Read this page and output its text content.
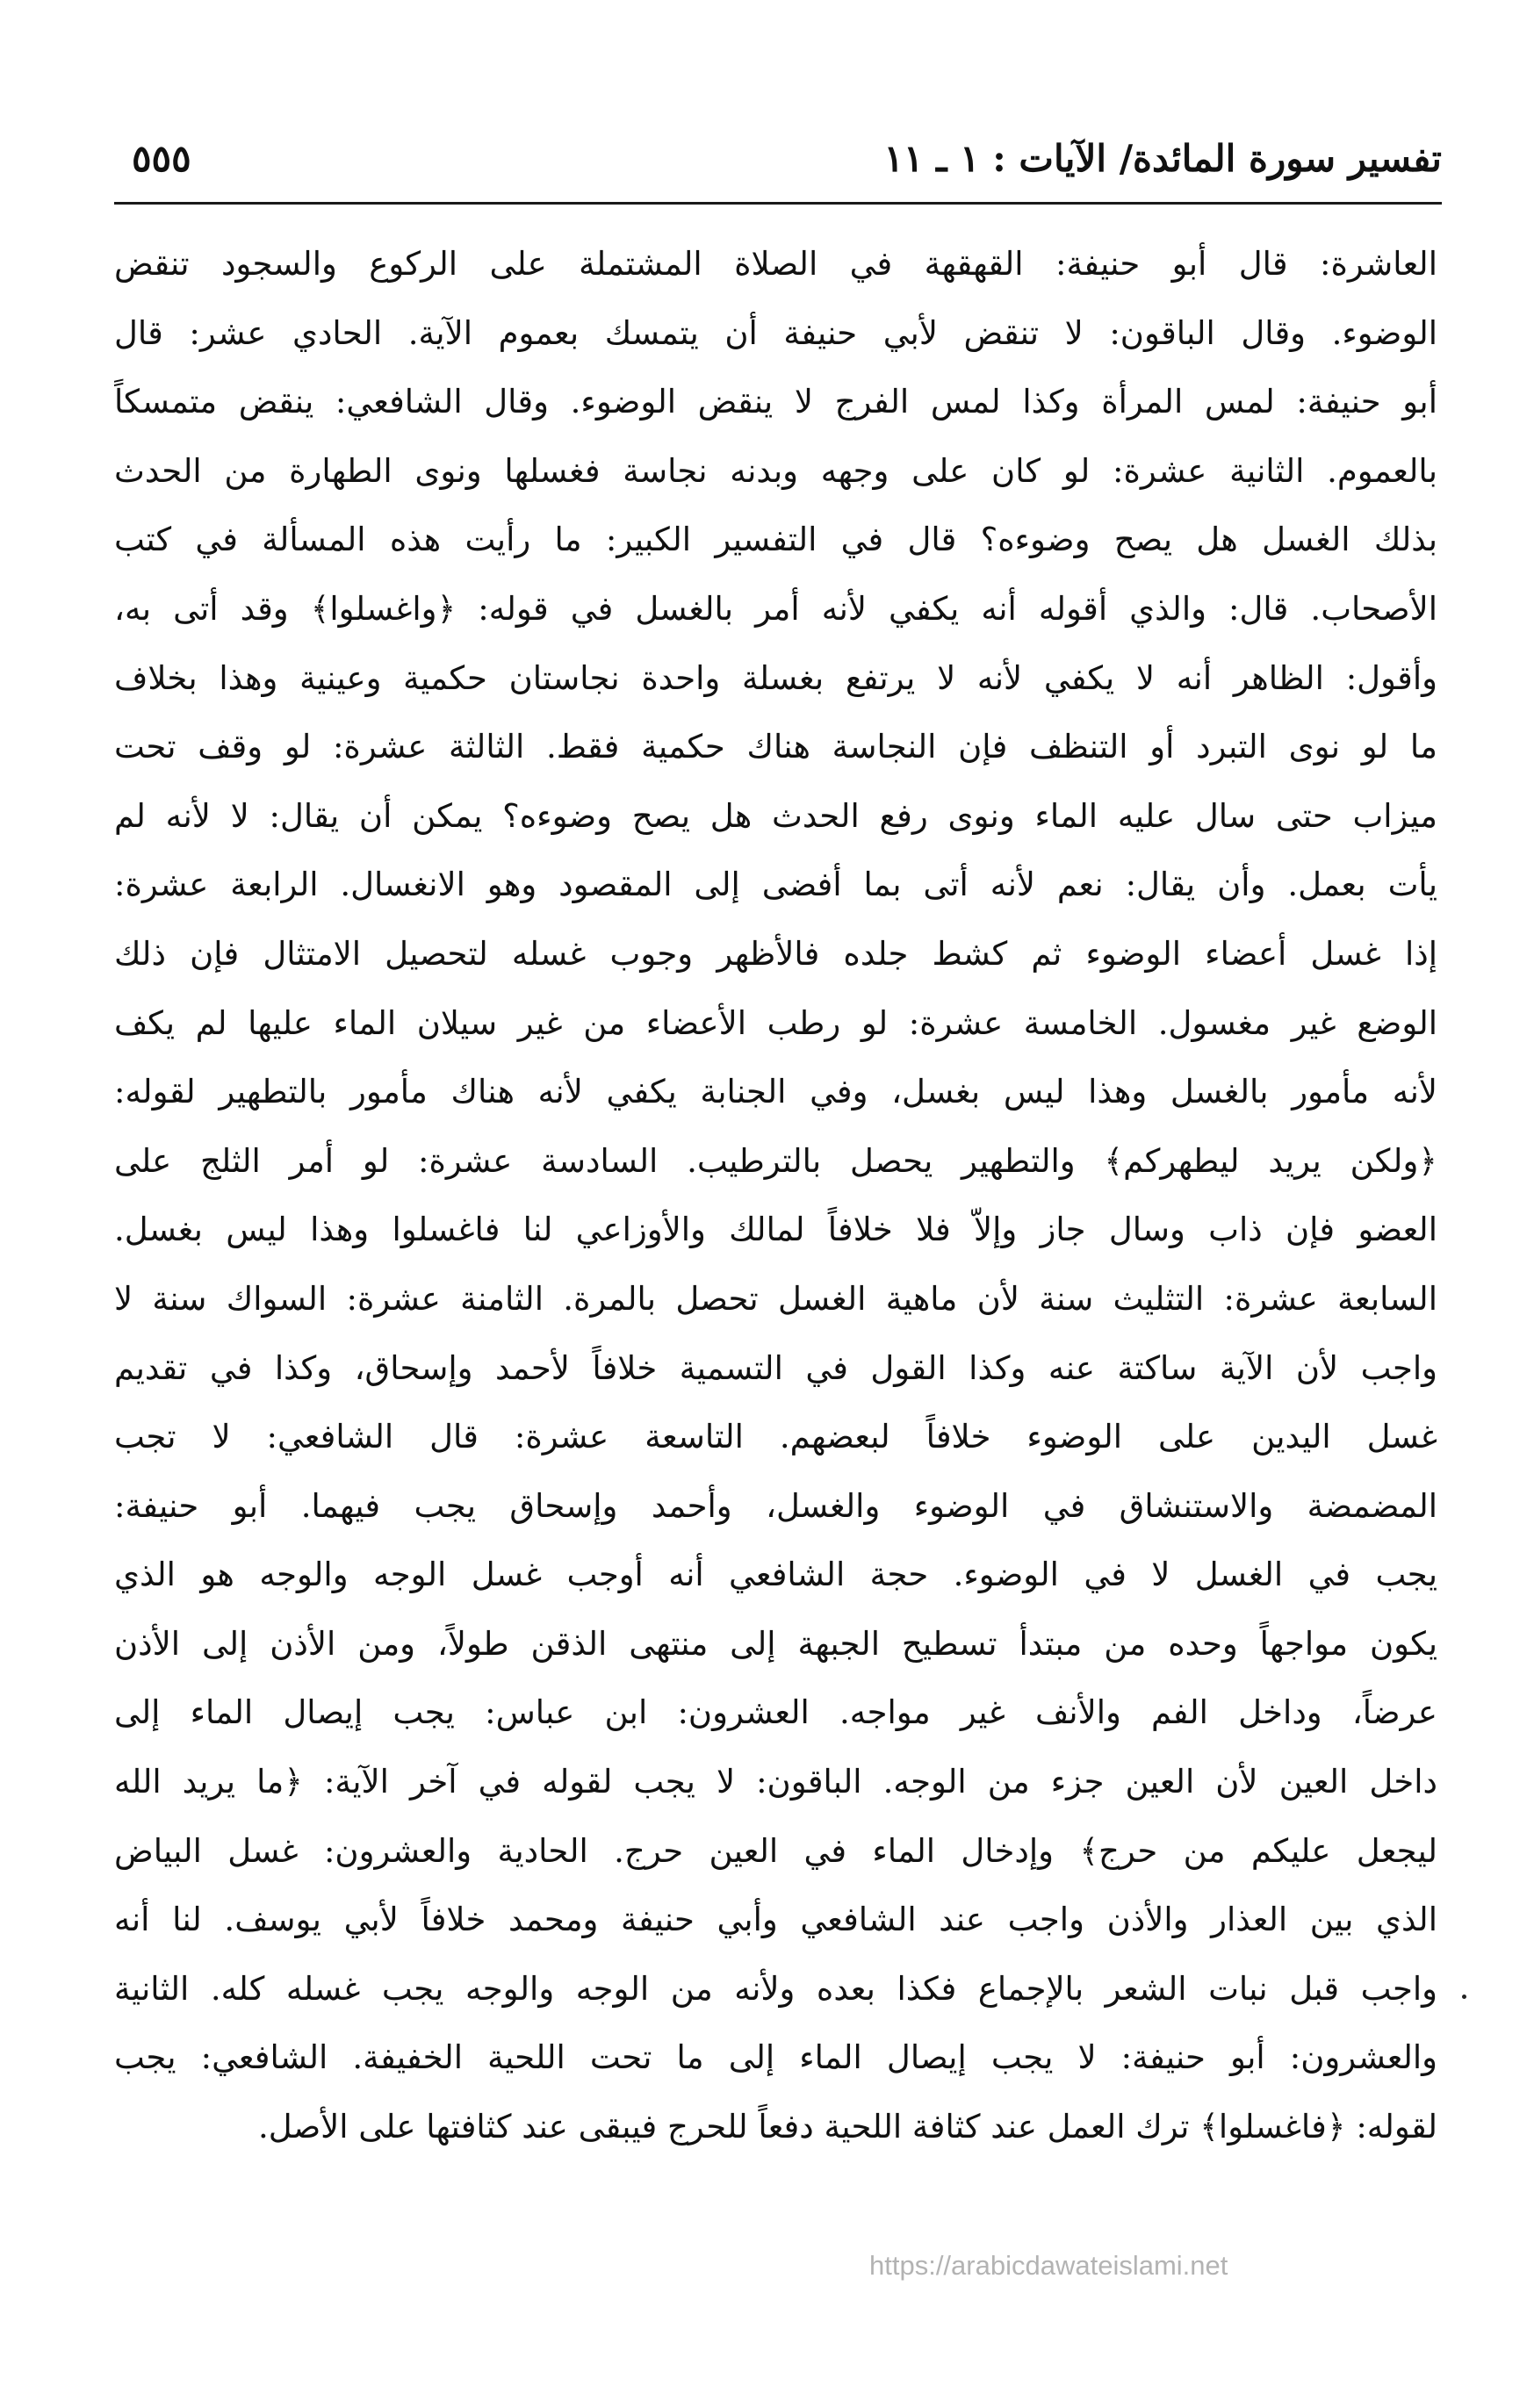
تفسير سورة المائدة/ الآيات : ١ ـ ١١
٥٥٥
العاشرة: قال أبو حنيفة: القهقهة في الصلاة المشتملة على الركوع والسجود تنقض
الوضوء. وقال الباقون: لا تنقض لأبي حنيفة أن يتمسك بعموم الآية. الحادي عشر: قال
أبو حنيفة: لمس المرأة وكذا لمس الفرج لا ينقض الوضوء. وقال الشافعي: ينقض متمسكاً
بالعموم. الثانية عشرة: لو كان على وجهه وبدنه نجاسة فغسلها ونوى الطهارة من الحدث
بذلك الغسل هل يصح وضوءه؟ قال في التفسير الكبير: ما رأيت هذه المسألة في كتب
الأصحاب. قال: والذي أقوله أنه يكفي لأنه أمر بالغسل في قوله: ﴿واغسلوا﴾ وقد أتى به،
وأقول: الظاهر أنه لا يكفي لأنه لا يرتفع بغسلة واحدة نجاستان حكمية وعينية وهذا بخلاف
ما لو نوى التبرد أو التنظف فإن النجاسة هناك حكمية فقط. الثالثة عشرة: لو وقف تحت
ميزاب حتى سال عليه الماء ونوى رفع الحدث هل يصح وضوءه؟ يمكن أن يقال: لا لأنه لم
يأت بعمل. وأن يقال: نعم لأنه أتى بما أفضى إلى المقصود وهو الانغسال. الرابعة عشرة:
إذا غسل أعضاء الوضوء ثم كشط جلده فالأظهر وجوب غسله لتحصيل الامتثال فإن ذلك
الوضع غير مغسول. الخامسة عشرة: لو رطب الأعضاء من غير سيلان الماء عليها لم يكف
لأنه مأمور بالغسل وهذا ليس بغسل، وفي الجنابة يكفي لأنه هناك مأمور بالتطهير لقوله:
﴿ولكن يريد ليطهركم﴾ والتطهير يحصل بالترطيب. السادسة عشرة: لو أمر الثلج على
العضو فإن ذاب وسال جاز وإلاّ فلا خلافاً لمالك والأوزاعي لنا فاغسلوا وهذا ليس بغسل.
السابعة عشرة: التثليث سنة لأن ماهية الغسل تحصل بالمرة. الثامنة عشرة: السواك سنة لا
واجب لأن الآية ساكتة عنه وكذا القول في التسمية خلافاً لأحمد وإسحاق، وكذا في تقديم
غسل اليدين على الوضوء خلافاً لبعضهم. التاسعة عشرة: قال الشافعي: لا تجب
المضمضة والاستنشاق في الوضوء والغسل، وأحمد وإسحاق يجب فيهما. أبو حنيفة:
يجب في الغسل لا في الوضوء. حجة الشافعي أنه أوجب غسل الوجه والوجه هو الذي
يكون مواجهاً وحده من مبتدأ تسطيح الجبهة إلى منتهى الذقن طولاً، ومن الأذن إلى الأذن
عرضاً، وداخل الفم والأنف غير مواجه. العشرون: ابن عباس: يجب إيصال الماء إلى
داخل العين لأن العين جزء من الوجه. الباقون: لا يجب لقوله في آخر الآية: ﴿ما يريد الله
ليجعل عليكم من حرج﴾ وإدخال الماء في العين حرج. الحادية والعشرون: غسل البياض
الذي بين العذار والأذن واجب عند الشافعي وأبي حنيفة ومحمد خلافاً لأبي يوسف. لنا أنه
واجب قبل نبات الشعر بالإجماع فكذا بعده ولأنه من الوجه والوجه يجب غسله كله. الثانية
والعشرون: أبو حنيفة: لا يجب إيصال الماء إلى ما تحت اللحية الخفيفة. الشافعي: يجب
لقوله: ﴿فاغسلوا﴾ ترك العمل عند كثافة اللحية دفعاً للحرج فيبقى عند كثافتها على الأصل.
https://arabicdawateislami.net
